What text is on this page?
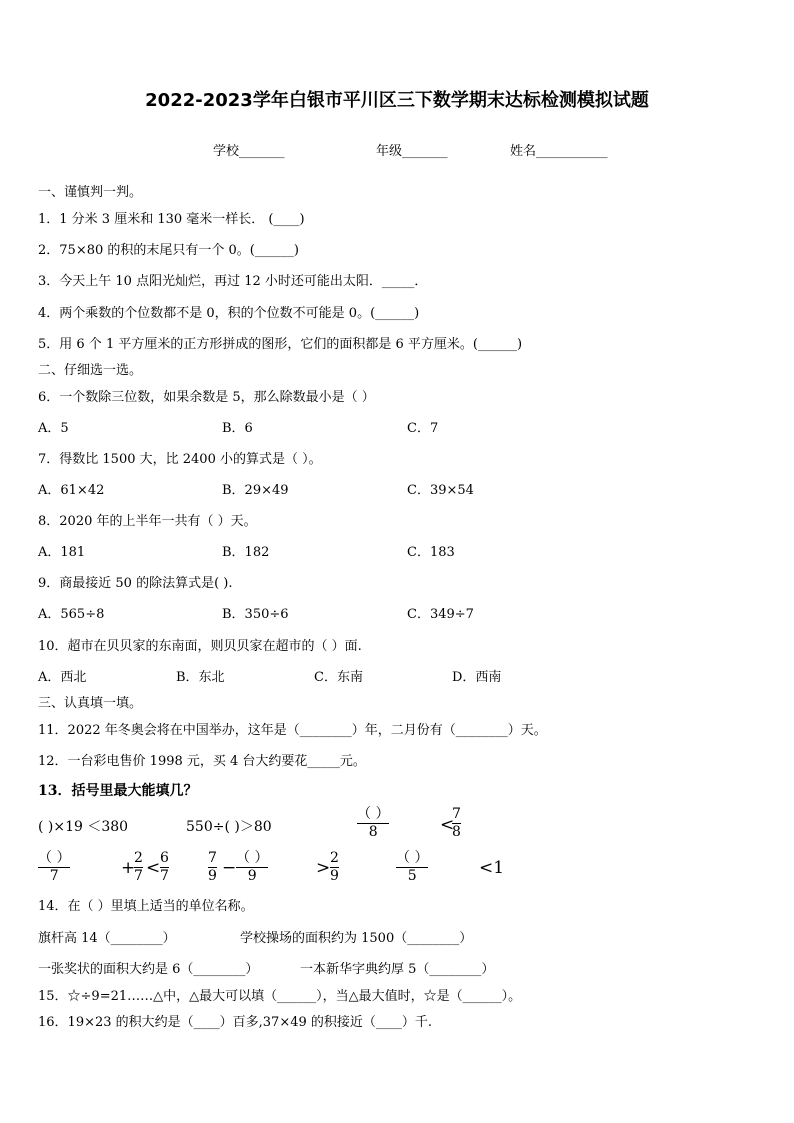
2022-2023学年白银市平川区三下数学期末达标检测模拟试题
学校_______	年级_______	姓名___________
一、谨慎判一判。
1．1 分米 3 厘米和 130 毫米一样长． (____)
2．75×80 的积的末尾只有一个 0。(______)
3．今天上午 10 点阳光灿烂，再过 12 小时还可能出太阳．_____．
4．两个乘数的个位数都不是 0，积的个位数不可能是 0。(______)
5．用 6 个 1 平方厘米的正方形拼成的图形，它们的面积都是 6 平方厘米。(______)
二、仔细选一选。
6．一个数除三位数，如果余数是 5，那么除数最小是（ ）
A．5	B．6	C．7
7．得数比 1500 大，比 2400 小的算式是（ ）。
A．61×42	B．29×49	C．39×54
8．2020 年的上半年一共有（ ）天。
A．181	B．182	C．183
9．商最接近 50 的除法算式是( ).
A．565÷8	B．350÷6	C．349÷7
10．超市在贝贝家的东南面，则贝贝家在超市的（ ）面.
A．西北	B．东北	C．东南	D．西南
三、认真填一填。
11．2022 年冬奥会将在中国举办，这年是（________）年，二月份有（________）天。
12．一台彩电售价 1998 元，买 4 台大约要花_____元。
13．括号里最大能填几？
( )×19 ＜380	550÷( )＞80
（ ）
8	<
7
8
（ ）
7	+
2
7 < 6
7
7
9 − （ ）
9	> 2
9
（ ）
5	<1
14．在（ ）里填上适当的单位名称。
旗杆高 14（________）	学校操场的面积约为 1500（________）
一张奖状的面积大约是 6（________）	一本新华字典约厚 5（________）
15．☆÷9=21……△中，△最大可以填（______），当△最大值时，☆是（______）。
16．19×23 的积大约是（____）百多,37×49 的积接近（____）千.
